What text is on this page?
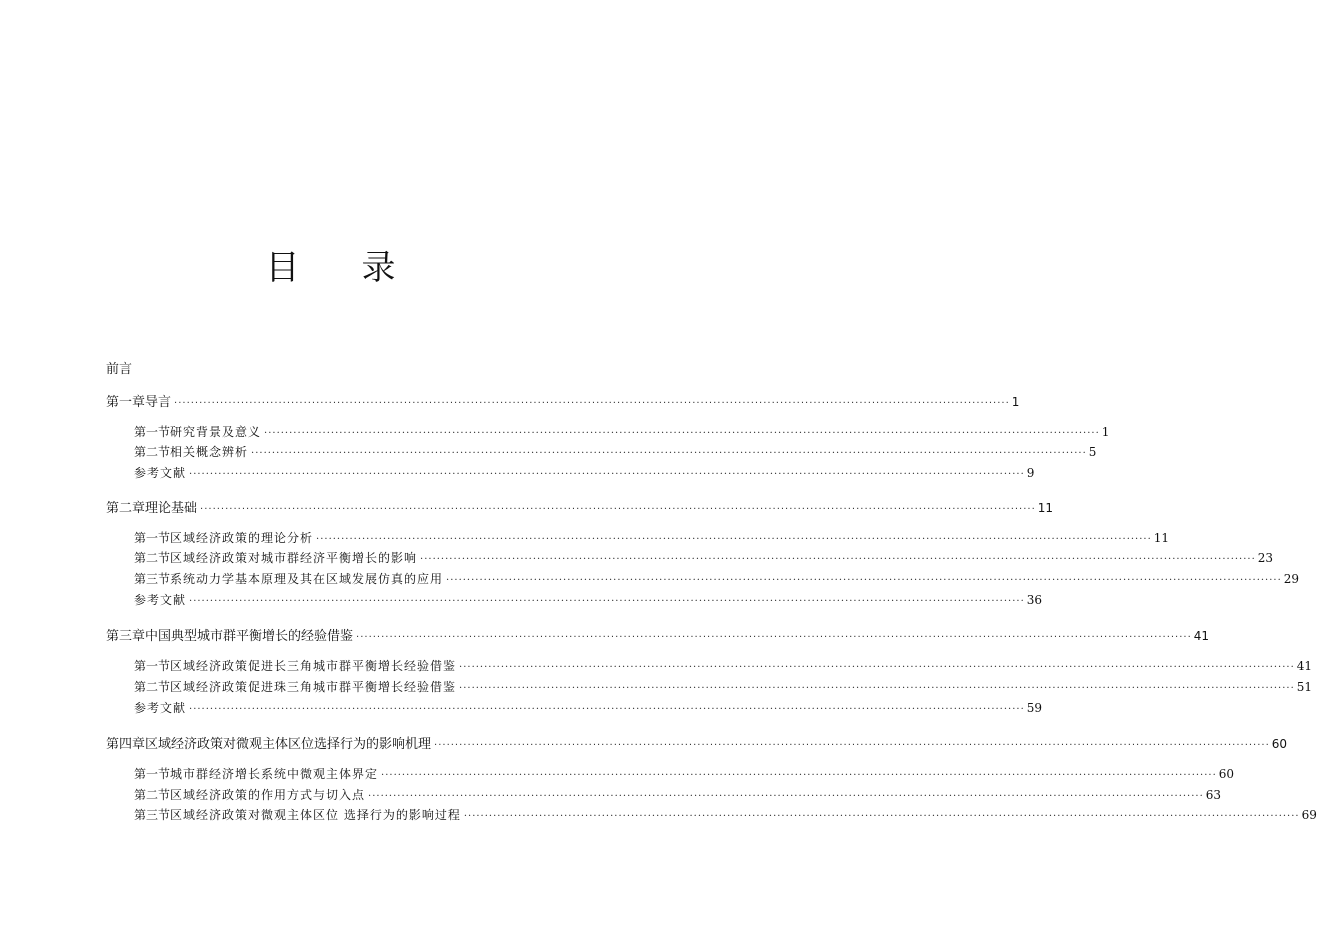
目 录
前言
第一章 导言 ········································································································································································································ 1
第一节 研究背景及意义 ········································································································································································································ 1
第二节 相关概念辨析 ········································································································································································································ 5
参考文献 ········································································································································································································ 9
第二章 理论基础 ········································································································································································································ 11
第一节 区域经济政策的理论分析 ········································································································································································································ 11
第二节 区域经济政策对城市群经济平衡增长的影响 ········································································································································································································ 23
第三节 系统动力学基本原理及其在区域发展仿真的应用 ········································································································································································································ 29
参考文献 ········································································································································································································ 36
第三章 中国典型城市群平衡增长的经验借鉴 ········································································································································································································ 41
第一节 区域经济政策促进长三角城市群平衡增长经验借鉴 ········································································································································································································ 41
第二节 区域经济政策促进珠三角城市群平衡增长经验借鉴 ········································································································································································································ 51
参考文献 ········································································································································································································ 59
第四章 区域经济政策对微观主体区位选择行为的影响机理 ········································································································································································································ 60
第一节 城市群经济增长系统中微观主体界定 ········································································································································································································ 60
第二节 区域经济政策的作用方式与切入点 ········································································································································································································ 63
第三节 区域经济政策对微观主体区位 选择行为的影响过程 ········································································································································································································ 69
